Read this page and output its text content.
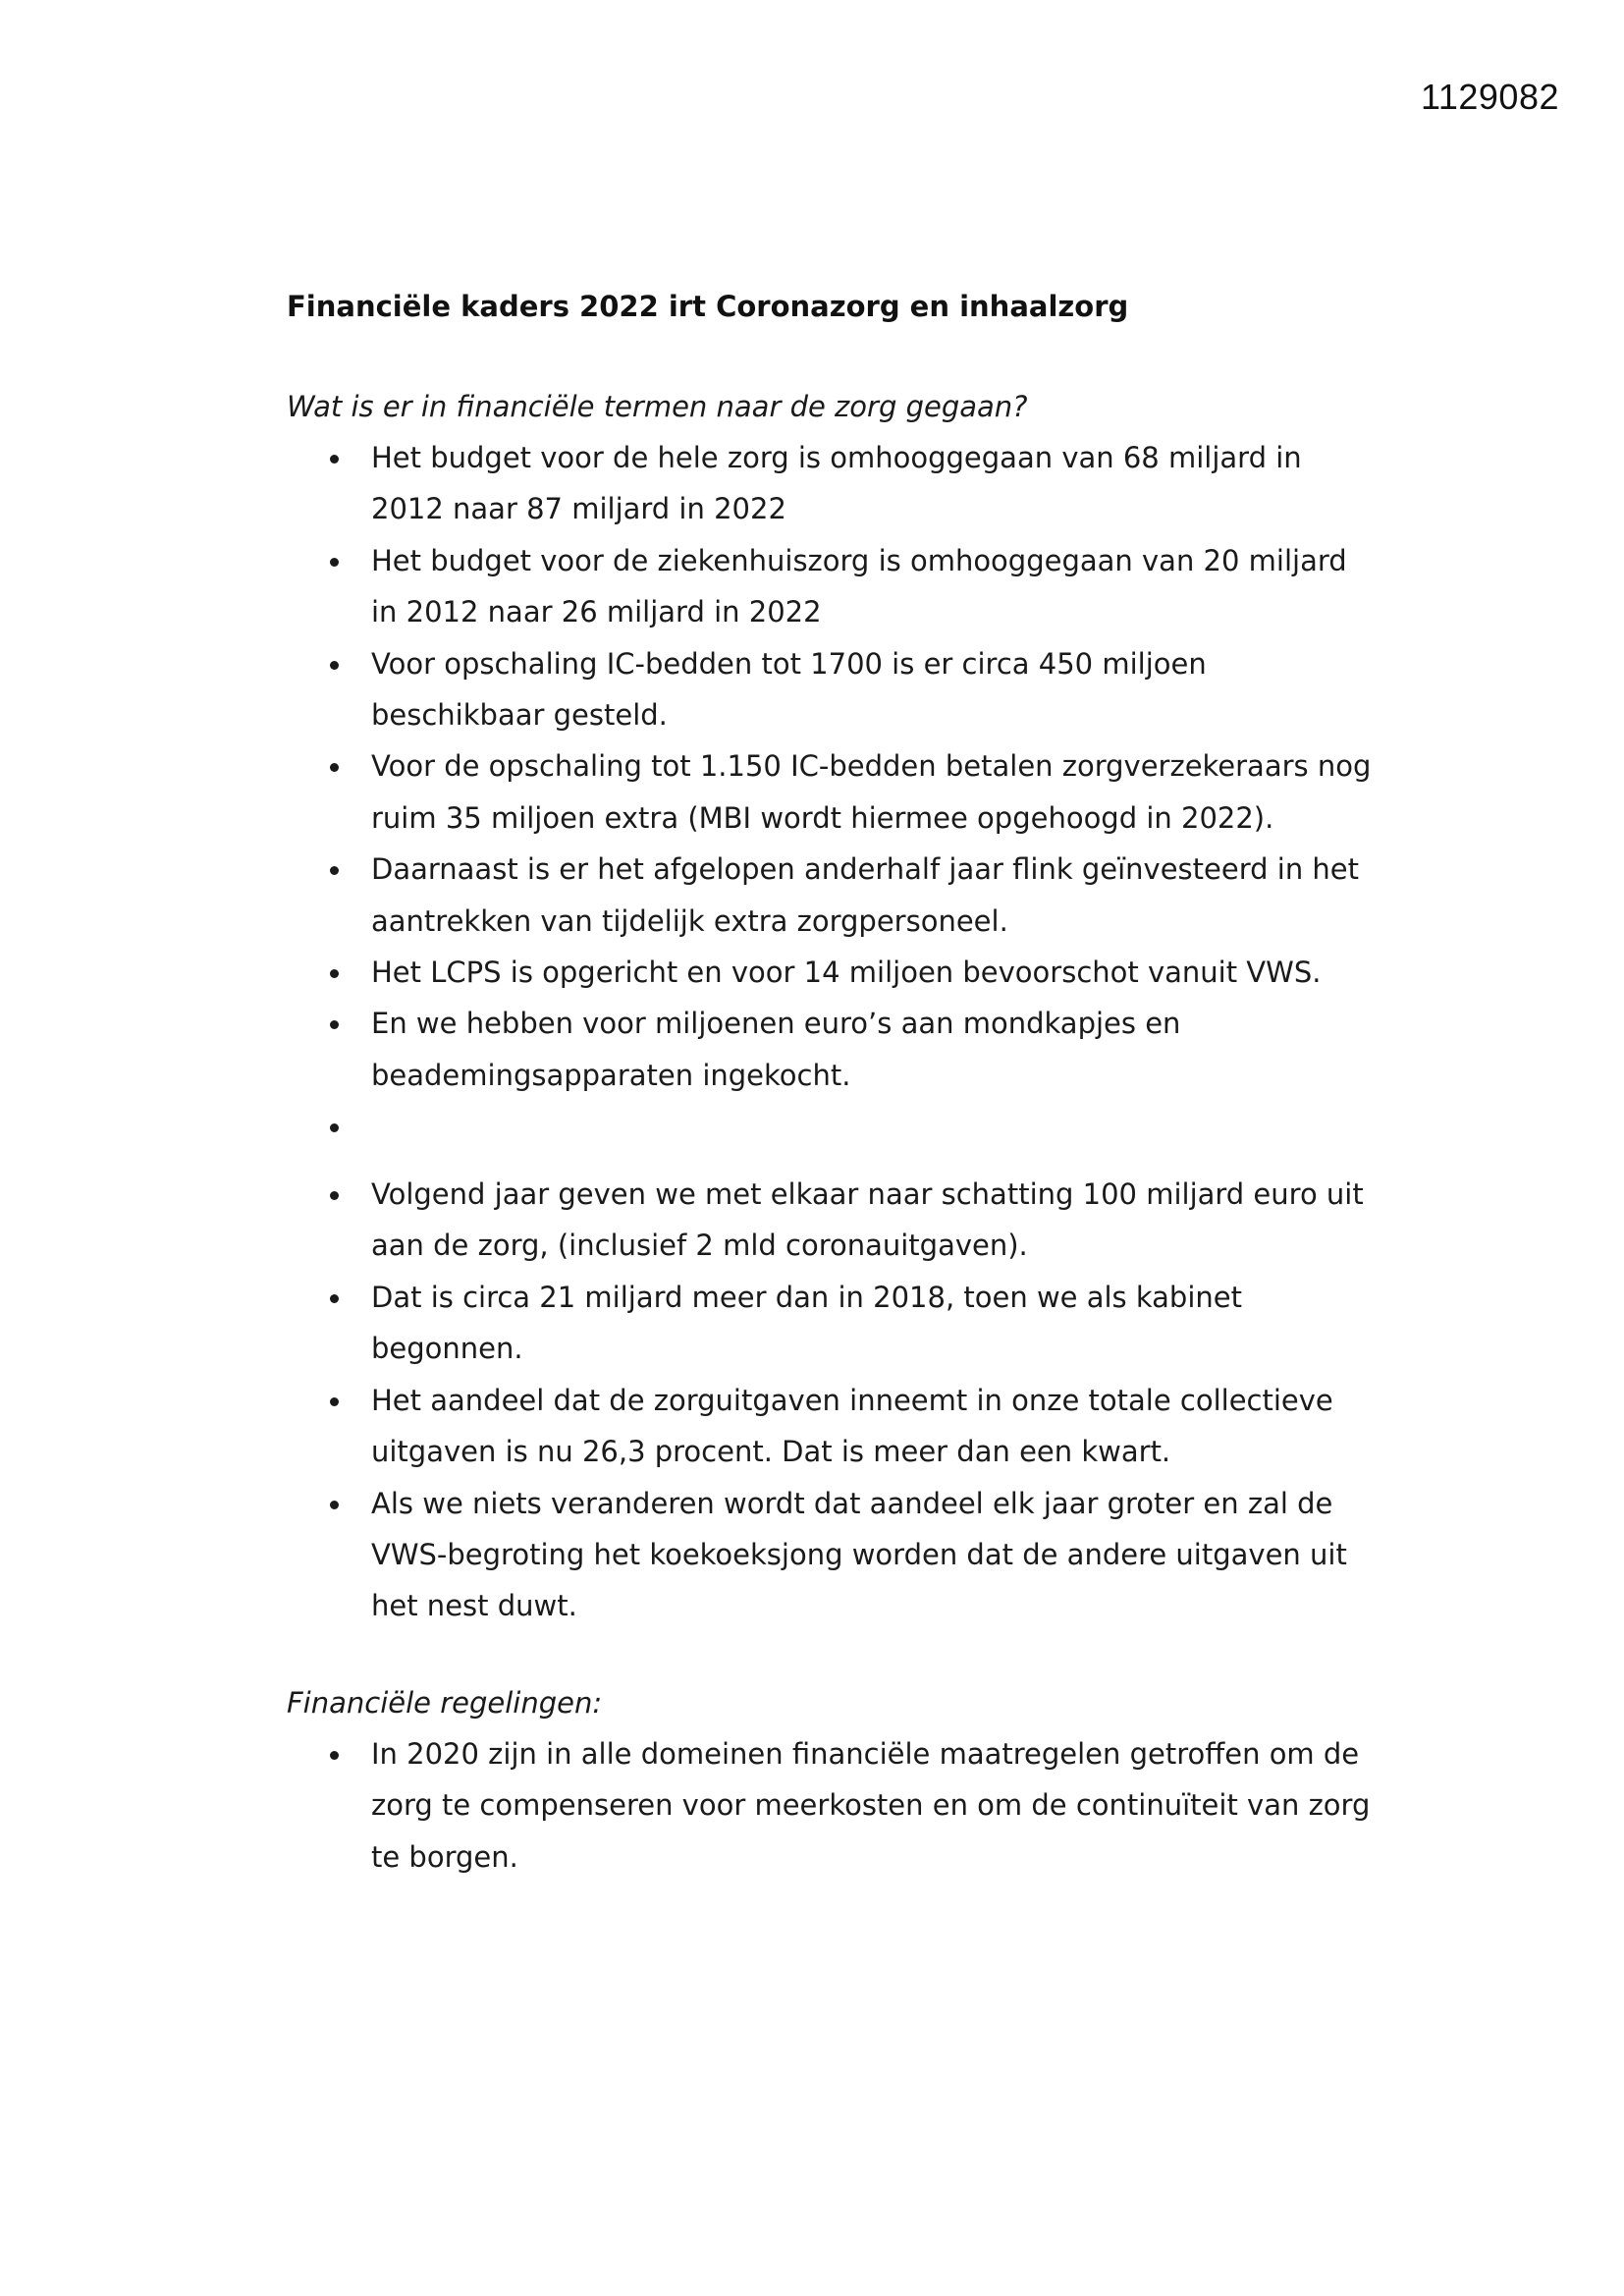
1129082
Financiële kaders 2022 irt Coronazorg en inhaalzorg

Wat is er in financiële termen naar de zorg gegaan?

Het budget voor de hele zorg is omhooggegaan van 68 miljard in 2012 naar 87 miljard in 2022
Het budget voor de ziekenhuiszorg is omhooggegaan van 20 miljard in 2012 naar 26 miljard in 2022
Voor opschaling IC-bedden tot 1700 is er circa 450 miljoen beschikbaar gesteld.
Voor de opschaling tot 1.150 IC-bedden betalen zorgverzekeraars nog ruim 35 miljoen extra (MBI wordt hiermee opgehoogd in 2022).
Daarnaast is er het afgelopen anderhalf jaar flink geïnvesteerd in het aantrekken van tijdelijk extra zorgpersoneel.
Het LCPS is opgericht en voor 14 miljoen bevoorschot vanuit VWS.
En we hebben voor miljoenen euro’s aan mondkapjes en beademingsapparaten ingekocht.
Volgend jaar geven we met elkaar naar schatting 100 miljard euro uit aan de zorg, (inclusief 2 mld coronauitgaven).
Dat is circa 21 miljard meer dan in 2018, toen we als kabinet begonnen.
Het aandeel dat de zorguitgaven inneemt in onze totale collectieve uitgaven is nu 26,3 procent. Dat is meer dan een kwart.
Als we niets veranderen wordt dat aandeel elk jaar groter en zal de VWS-begroting het koekoeksjong worden dat de andere uitgaven uit het nest duwt.

Financiële regelingen:

In 2020 zijn in alle domeinen financiële maatregelen getroffen om de zorg te compenseren voor meerkosten en om de continuïteit van zorg te borgen.
